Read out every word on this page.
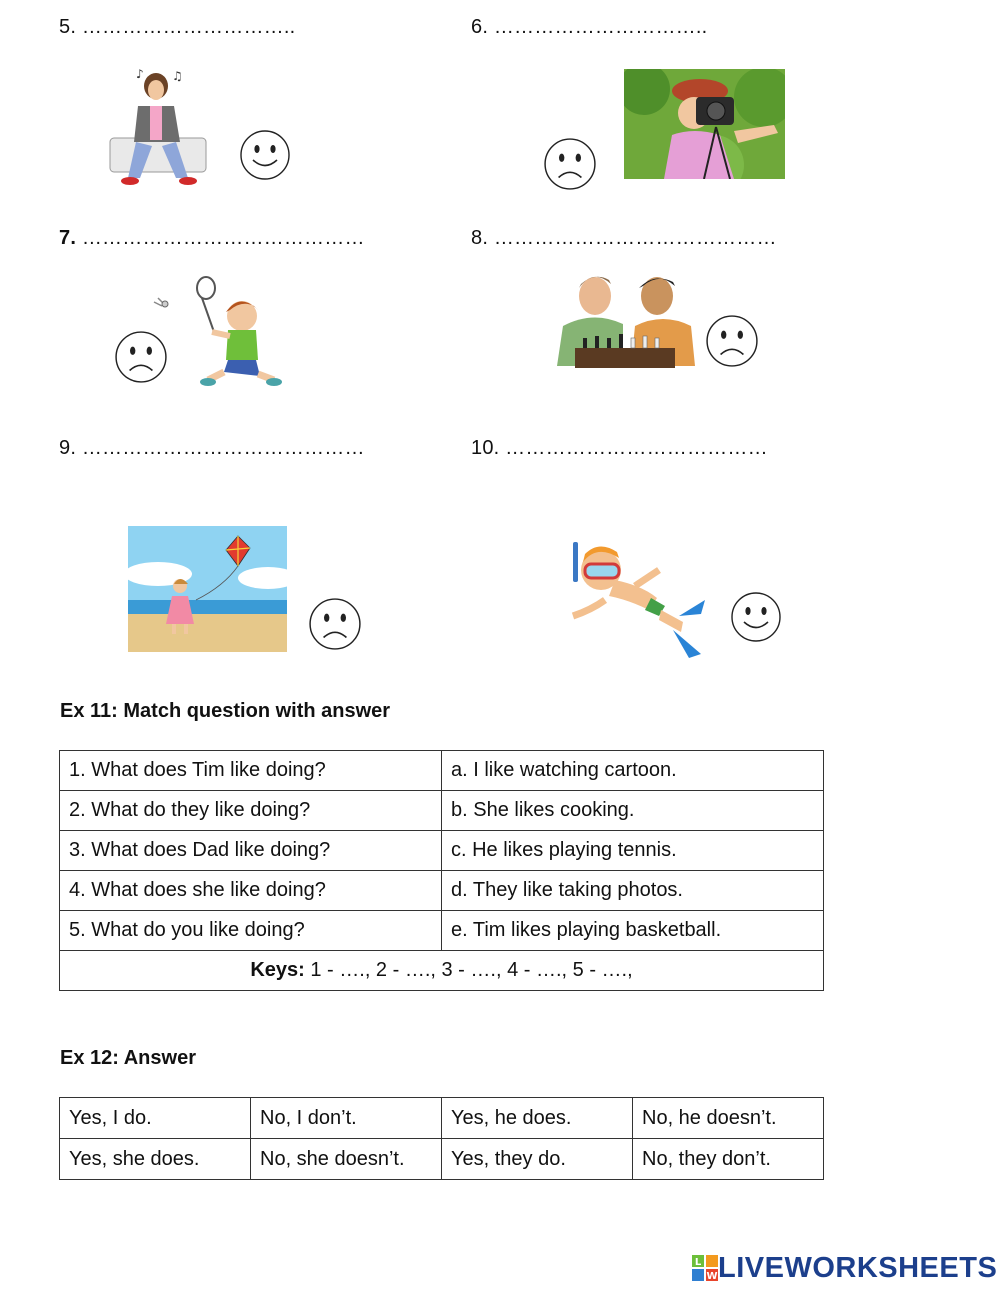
5. …………………………..	6. …………………………..
7. ……………………………………	8. ……………………………………
9. ……………………………………	10. …………………………………
♪ ♫
Ex 11: Match question with answer
1. What does Tim like doing?	a. I like watching cartoon.
2. What do they like doing?	b. She likes cooking.
3. What does Dad like doing?	c. He likes playing tennis.
4. What does she like doing?	d. They like taking photos.
5. What do you like doing?	e. Tim likes playing basketball.
Keys: 1 - …., 2 - …., 3 - …., 4 - …., 5 - ….,	
Ex 12: Answer
Yes, I do.	No, I don’t.	Yes, he does.	No, he doesn’t.
Yes, she does.	No, she doesn’t.	Yes, they do.	No, they don’t.
L
W LIVEWORKSHEETS
